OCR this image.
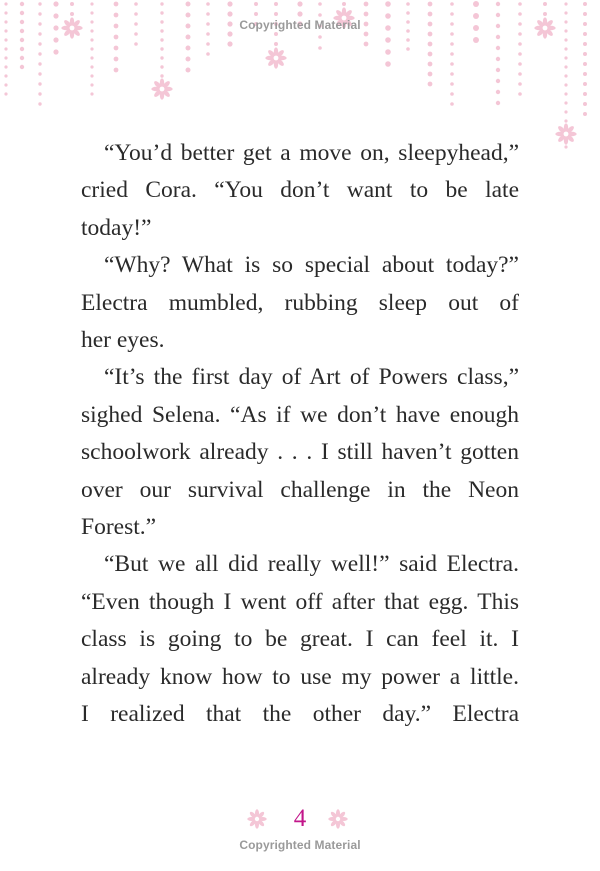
Copyrighted Material
“You’d better get a move on, sleepyhead,”
cried Cora. “You don’t want to be late
today!”
“Why? What is so special about today?”
Electra mumbled, rubbing sleep out of
her eyes.
“It’s the first day of Art of Powers class,”
sighed Selena. “As if we don’t have enough
schoolwork already . . . I still haven’t gotten
over our survival challenge in the Neon
Forest.”
“But we all did really well!” said Electra.
“Even though I went off after that egg. This
class is going to be great. I can feel it. I
already know how to use my power a little.
I realized that the other day.” Electra
4
Copyrighted Material
